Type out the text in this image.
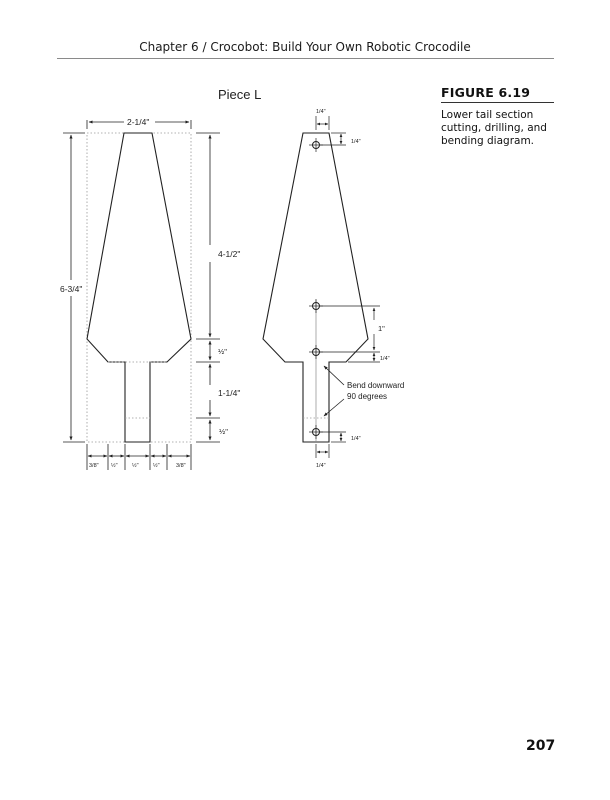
Chapter 6 / Crocobot: Build Your Own Robotic Crocodile
Piece L
2-1/4"
6-3/4"
4-1/2"
½"
1-1/4"
½"
3/8" ½"	½"	½"	3/8"
1/4"
1/4"
1"
1/4"
1/4"
1/4"
Bend downward
90 degrees
FIGURE 6.19
Lower tail section cutting, drilling, and bending diagram.
207
